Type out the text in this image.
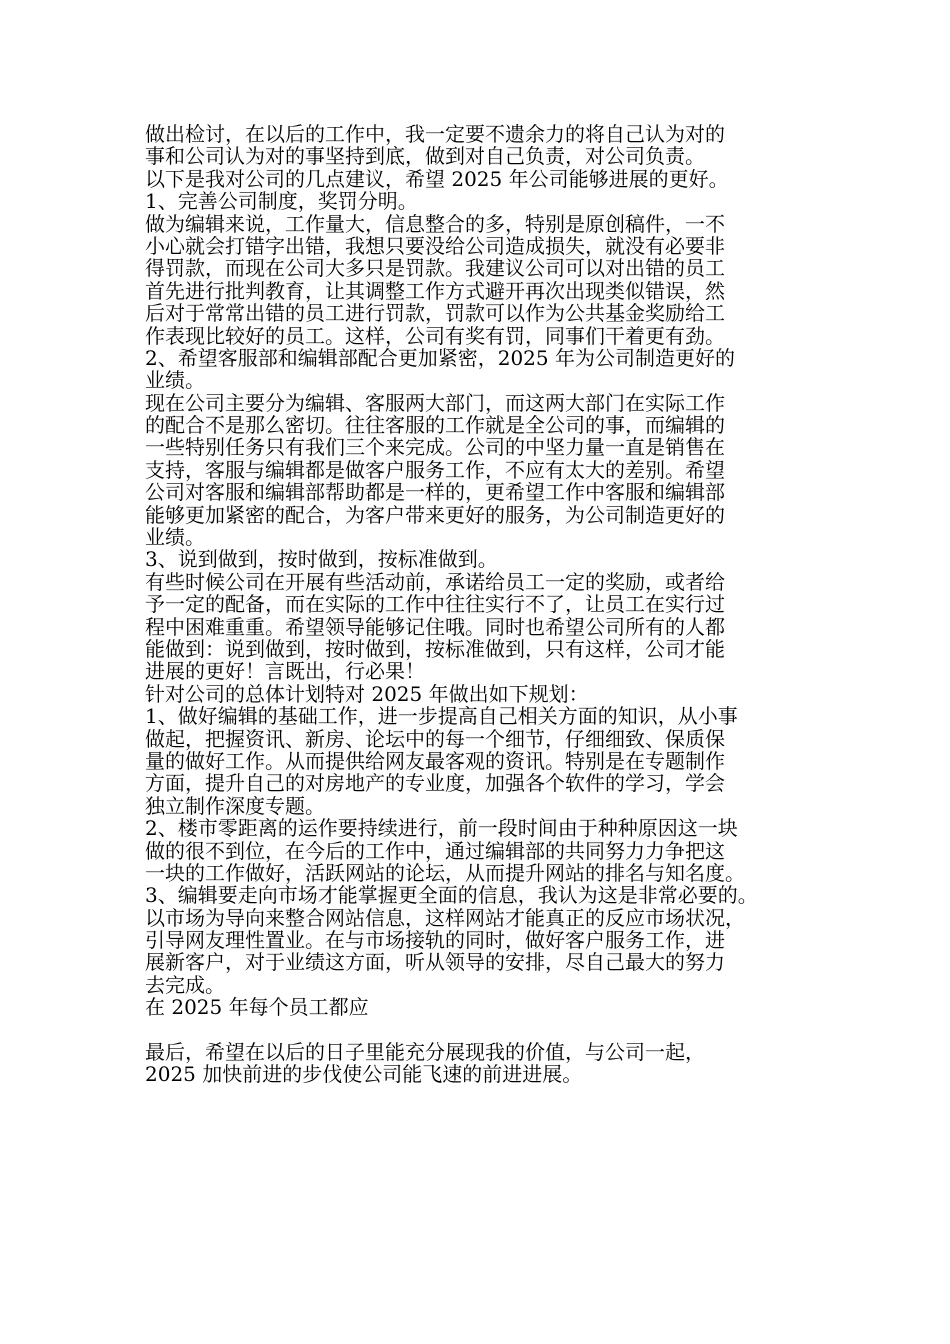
做出检讨，在以后的工作中，我一定要不遗余力的将自己认为对的
事和公司认为对的事坚持到底，做到对自己负责，对公司负责。
以下是我对公司的几点建议，希望 2025 年公司能够进展的更好。
1、完善公司制度，奖罚分明。
做为编辑来说，工作量大，信息整合的多，特别是原创稿件，一不
小心就会打错字出错，我想只要没给公司造成损失，就没有必要非
得罚款，而现在公司大多只是罚款。我建议公司可以对出错的员工
首先进行批判教育，让其调整工作方式避开再次出现类似错误，然
后对于常常出错的员工进行罚款，罚款可以作为公共基金奖励给工
作表现比较好的员工。这样，公司有奖有罚，同事们干着更有劲。
2、希望客服部和编辑部配合更加紧密，2025 年为公司制造更好的
业绩。
现在公司主要分为编辑、客服两大部门，而这两大部门在实际工作
的配合不是那么密切。往往客服的工作就是全公司的事，而编辑的
一些特别任务只有我们三个来完成。公司的中坚力量一直是销售在
支持，客服与编辑都是做客户服务工作，不应有太大的差别。希望
公司对客服和编辑部帮助都是一样的，更希望工作中客服和编辑部
能够更加紧密的配合，为客户带来更好的服务，为公司制造更好的
业绩。
3、说到做到，按时做到，按标准做到。
有些时候公司在开展有些活动前，承诺给员工一定的奖励，或者给
予一定的配备，而在实际的工作中往往实行不了，让员工在实行过
程中困难重重。希望领导能够记住哦。同时也希望公司所有的人都
能做到：说到做到，按时做到，按标准做到，只有这样，公司才能
进展的更好！言既出，行必果！
针对公司的总体计划特对 2025 年做出如下规划：
1、做好编辑的基础工作，进一步提高自己相关方面的知识，从小事
做起，把握资讯、新房、论坛中的每一个细节，仔细细致、保质保
量的做好工作。从而提供给网友最客观的资讯。特别是在专题制作
方面，提升自己的对房地产的专业度，加强各个软件的学习，学会
独立制作深度专题。
2、楼市零距离的运作要持续进行，前一段时间由于种种原因这一块
做的很不到位，在今后的工作中，通过编辑部的共同努力力争把这
一块的工作做好，活跃网站的论坛，从而提升网站的排名与知名度。
3、编辑要走向市场才能掌握更全面的信息，我认为这是非常必要的。
以市场为导向来整合网站信息，这样网站才能真正的反应市场状况，
引导网友理性置业。在与市场接轨的同时，做好客户服务工作，进
展新客户，对于业绩这方面，听从领导的安排，尽自己最大的努力
去完成。
在 2025 年每个员工都应
最后，希望在以后的日子里能充分展现我的价值，与公司一起，
2025 加快前进的步伐使公司能飞速的前进进展。
